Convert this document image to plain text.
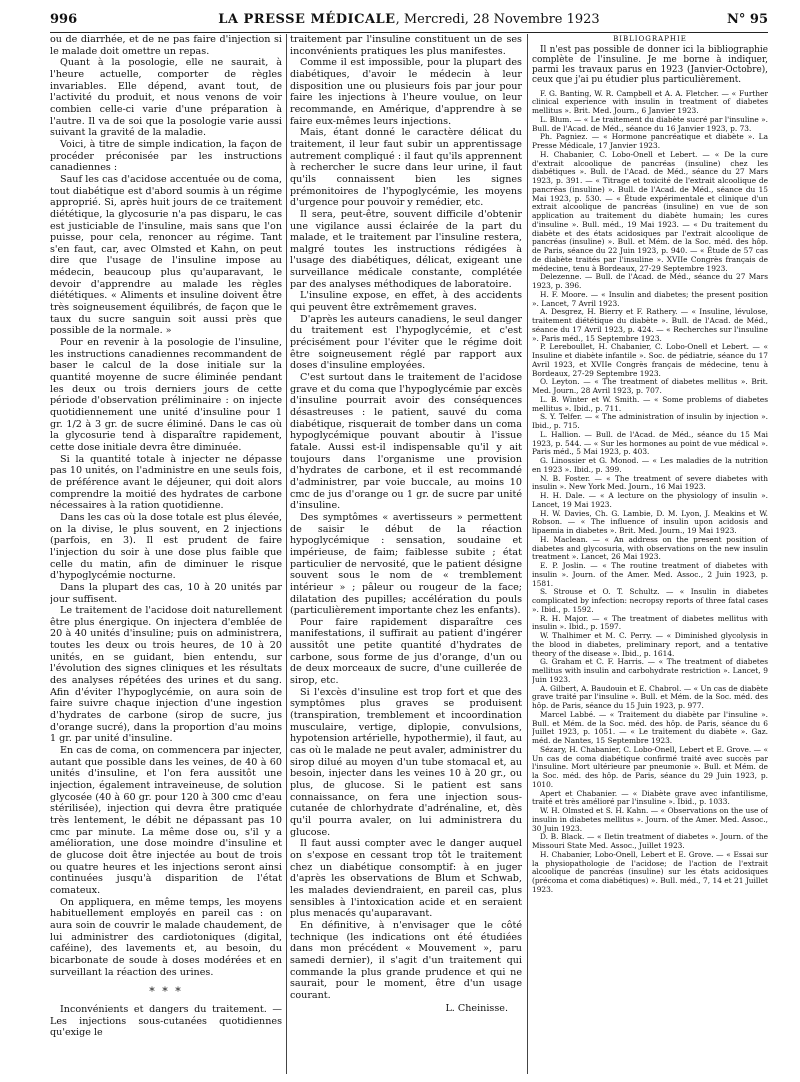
996	LA PRESSE MÉDICALE, Mercredi, 28 Novembre 1923	N° 95

ou de diarrhée, et de ne pas faire d'injection si le malade doit omettre un repas.

Quant à la posologie, elle ne saurait, à l'heure actuelle, comporter de règles invariables. Elle dépend, avant tout, de l'activité du produit, et nous venons de voir combien celle-ci varie d'une préparation à l'autre. Il va de soi que la posologie varie aussi suivant la gravité de la maladie.

Voici, à titre de simple indication, la façon de procéder préconisée par les instructions canadiennes :

Sauf les cas d'acidose accentuée ou de coma, tout diabétique est d'abord soumis à un régime approprié. Si, après huit jours de ce traitement diététique, la glycosurie n'a pas disparu, le cas est justiciable de l'insuline, mais sans que l'on puisse, pour cela, renoncer au régime. Tant s'en faut, car, avec Olmsted et Kahn, on peut dire que l'usage de l'insuline impose au médecin, beaucoup plus qu'auparavant, le devoir d'apprendre au malade les règles diététiques. « Aliments et insuline doivent être très soigneusement équilibrés, de façon que le taux du sucre sanguin soit aussi près que possible de la normale. »

Pour en revenir à la posologie de l'insuline, les instructions canadiennes recommandent de baser le calcul de la dose initiale sur la quantité moyenne de sucre éliminée pendant les deux ou trois derniers jours de cette période d'observation préliminaire : on injecte quotidiennement une unité d'insuline pour 1 gr. 1/2 à 3 gr. de sucre éliminé. Dans le cas où la glycosurie tend à disparaître rapidement, cette dose initiale devra être diminuée.

Si la quantité totale à injecter ne dépasse pas 10 unités, on l'administre en une seuls fois, de préférence avant le déjeuner, qui doit alors comprendre la moitié des hydrates de carbone nécessaires à la ration quotidienne.

Dans les cas où la dose totale est plus élevée, on la divise, le plus souvent, en 2 injections (parfois, en 3). Il est prudent de faire l'injection du soir à une dose plus faible que celle du matin, afin de diminuer le risque d'hypoglycémie nocturne.

Dans la plupart des cas, 10 à 20 unités par jour suffisent.

Le traitement de l'acidose doit naturellement être plus énergique. On injectera d'emblée de 20 à 40 unités d'insuline; puis on administrera, toutes les deux ou trois heures, de 10 à 20 unités, en se guidant, bien entendu, sur l'évolution des signes cliniques et les résultats des analyses répétées des urines et du sang. Afin d'éviter l'hypoglycémie, on aura soin de faire suivre chaque injection d'une ingestion d'hydrates de carbone (sirop de sucre, jus d'orange sucré), dans la proportion d'au moins 1 gr. par unité d'insuline.

En cas de coma, on commencera par injecter, autant que possible dans les veines, de 40 à 60 unités d'insuline, et l'on fera aussitôt une injection, également intraveineuse, de solution glycosée (40 à 60 gr. pour 120 à 300 cmc d'eau stérilisée), injection qui devra être pratiquée très lentement, le débit ne dépassant pas 10 cmc par minute. La même dose ou, s'il y a amélioration, une dose moindre d'insuline et de glucose doit être injectée au bout de trois ou quatre heures et les injections seront ainsi continuées jusqu'à disparition de l'état comateux.

On appliquera, en même temps, les moyens habituellement employés en pareil cas : on aura soin de couvrir le malade chaudement, de lui administrer des cardiotoniques (digital, caféine), des lavements et, au besoin, du bicarbonate de soude à doses modérées et en surveillant la réaction des urines.

* * *

Inconvénients et dangers du traitement. — Les injections sous-cutanées quotidiennes qu'exige le

traitement par l'insuline constituent un de ses inconvénients pratiques les plus manifestes.

Comme il est impossible, pour la plupart des diabétiques, d'avoir le médecin à leur disposition une ou plusieurs fois par jour pour faire les injections à l'heure voulue, on leur recommande, en Amérique, d'apprendre à se faire eux-mêmes leurs injections.

Mais, étant donné le caractère délicat du traitement, il leur faut subir un apprentissage autrement compliqué : il faut qu'ils apprennent à rechercher le sucre dans leur urine, il faut qu'ils connaissent bien les signes prémonitoires de l'hypoglycémie, les moyens d'urgence pour pouvoir y remédier, etc.

Il sera, peut-être, souvent difficile d'obtenir une vigilance aussi éclairée de la part du malade, et le traitement par l'insuline restera, malgré toutes les instructions rédigées à l'usage des diabétiques, délicat, exigeant une surveillance médicale constante, complétée par des analyses méthodiques de laboratoire.

L'insuline expose, en effet, à des accidents qui peuvent être extrêmement graves.

D'après les auteurs canadiens, le seul danger du traitement est l'hypoglycémie, et c'est précisément pour l'éviter que le régime doit être soigneusement réglé par rapport aux doses d'insuline employées.

C'est surtout dans le traitement de l'acidose grave et du coma que l'hypoglycémie par excès d'insuline pourrait avoir des conséquences désastreuses : le patient, sauvé du coma diabétique, risquerait de tomber dans un coma hypoglycémique pouvant aboutir à l'issue fatale. Aussi est-il indispensable qu'il y ait toujours dans l'organisme une provision d'hydrates de carbone, et il est recommandé d'administrer, par voie buccale, au moins 10 cmc de jus d'orange ou 1 gr. de sucre par unité d'insuline.

Des symptômes « avertisseurs » permettent de saisir le début de la réaction hypoglycémique : sensation, soudaine et impérieuse, de faim; faiblesse subite ; état particulier de nervosité, que le patient désigne souvent sous le nom de « tremblement intérieur » ; pâleur ou rougeur de la face; dilatation des pupilles; accélération du pouls (particulièrement importante chez les enfants).

Pour faire rapidement disparaître ces manifestations, il suffirait au patient d'ingérer aussitôt une petite quantité d'hydrates de carbone, sous forme de jus d'orange, d'un ou de deux morceaux de sucre, d'une cuillerée de sirop, etc.

Si l'excès d'insuline est trop fort et que des symptômes plus graves se produisent (transpiration, tremblement et incoordination musculaire, vertige, diplopie, convulsions, hypotension artérielle, hypothermie), il faut, au cas où le malade ne peut avaler, administrer du sirop dilué au moyen d'un tube stomacal et, au besoin, injecter dans les veines 10 à 20 gr., ou plus, de glucose. Si le patient est sans connaissance, on fera une injection sous-cutanée de chlorhydrate d'adrénaline, et, dès qu'il pourra avaler, on lui administrera du glucose.

Il faut aussi compter avec le danger auquel on s'expose en cessant trop tôt le traitement chez un diabétique consomptif: à en juger d'après les observations de Blum et Schwab, les malades deviendraient, en pareil cas, plus sensibles à l'intoxication acide et en seraient plus menacés qu'auparavant.

En définitive, à n'envisager que le côté technique (les indications ont été étudiées dans mon précédent « Mouvement », paru samedi dernier), il s'agit d'un traitement qui commande la plus grande prudence et qui ne saurait, pour le moment, être d'un usage courant.

L. Cheinisse.
BIBLIOGRAPHIE

Il n'est pas possible de donner ici la bibliographie complète de l'insuline. Je me borne à indiquer, parmi les travaux parus en 1923 (Janvier-Octobre), ceux que j'ai pu étudier plus particulièrement.

F. G. Banting, W. R. Campbell et A. A. Fletcher. — « Further clinical experience with insulin in treatment of diabetes mellitus ». Brit. Med. Journ., 6 Janvier 1923.

L. Blum. — « Le traitement du diabète sucré par l'insuline ». Bull. de l'Acad. de Méd., séance du 16 Janvier 1923, p. 73.

Ph. Pagniez. — « Hormone pancréatique et diabète ». La Presse Médicale, 17 Janvier 1923.

H. Chabanier, C. Lobo-Onell et Lebert. — « De la cure d'extrait alcoolique de pancréas (insuline) chez les diabétiques ». Bull. de l'Acad. de Méd., séance du 27 Mars 1923, p. 391. — « Titrage et toxicité de l'extrait alcoolique de pancréas (insuline) ». Bull. de l'Acad. de Méd., séance du 15 Mai 1923, p. 530. — « Étude expérimentale et clinique d'un extrait alcoolique de pancréas (insuline) en vue de son application au traitement du diabète humain; les cures d'insuline ». Bull. méd., 19 Mai 1923. — « Du traitement du diabète et des états acidosiques par l'extrait alcoolique de pancréas (insuline) ». Bull. et Mém. de la Soc. méd. des hôp. de Paris, séance du 22 Juin 1923, p. 940. — « Étude de 57 cas de diabète traités par l'insuline ». XVIIe Congrès français de médecine, tenu à Bordeaux, 27-29 Septembre 1923.

Delezenne. — Bull. de l'Acad. de Méd., séance du 27 Mars 1923, p. 396.

H. F. Moore. — « Insulin and diabetes; the present position ». Lancet, 7 Avril 1923.

A. Desgrez, H. Bierry et F. Rathery. — « Insuline, lévulose, traitement diététique du diabète ». Bull. de l'Acad. de Méd., séance du 17 Avril 1923, p. 424. — « Recherches sur l'insuline ». Paris méd., 15 Septembre 1923.

P. Lereboullet, H. Chabanier, C. Lobo-Onell et Lebert. — « Insuline et diabète infantile ». Soc. de pédiatrie, séance du 17 Avril 1923, et XVIIe Congrès français de médecine, tenu à Bordeaux, 27-29 Septembre 1923.

O. Leyton. — « The treatment of diabetes mellitus ». Brit. Med. Journ., 28 Avril 1923, p. 707.

L. B. Winter et W. Smith. — « Some problems of diabetes mellitus ». Ibid., p. 711.

S. Y. Telfer. — « The administration of insulin by injection ». Ibid., p. 715.

L. Hallion. — Bull. de l'Acad. de Méd., séance du 15 Mai 1923, p. 544. — « Sur les hormones au point de vue médical ». Paris méd., 5 Mai 1923, p. 403.

G. Linossier et G. Monod. — « Les maladies de la nutrition en 1923 ». Ibid., p. 399.

N. B. Foster. — « The treatment of severe diabetes with insulin ». New York Med. Journ., 16 Mai 1923.

H. H. Dale. — « A lecture on the physiology of insulin ». Lancet, 19 Mai 1923.

H. W. Davies, Ch. G. Lambie, D. M. Lyon, J. Meakins et W. Robson. — « The influence of insulin upon acidosis and lipaemia in diabetes ». Brit. Med. Journ., 19 Mai 1923.

H. Maclean. — « An address on the present position of diabetes and glycosuria, with observations on the new insulin treatment ». Lancet, 26 Mai 1923.

E. P. Joslin. — « The routine treatment of diabetes with insulin ». Journ. of the Amer. Med. Assoc., 2 Juin 1923, p. 1581.

S. Strouse et O. T. Schultz. — « Insulin in diabetes complicated by infection: necropsy reports of three fatal cases ». Ibid., p. 1592.

R. H. Major. — « The treatment of diabetes mellitus with insulin ». Ibid., p. 1597.

W. Thalhimer et M. C. Perry. — « Diminished glycolysis in the blood in diabetes, preliminary report, and a tentative theory of the disease ». Ibid., p. 1614.

G. Graham et C. F. Harris. — « The treatment of diabetes mellitus with insulin and carbohydrate restriction ». Lancet, 9 Juin 1923.

A. Gilbert, A. Baudouin et E. Chabrol. — « Un cas de diabète grave traité par l'insuline ». Bull. et Mém. de la Soc. méd. des hôp. de Paris, séance du 15 Juin 1923, p. 977.

Marcel Labbé. — « Traitement du diabète par l'insuline ». Bull. et Mém. de la Soc. méd. des hôp. de Paris, séance du 6 Juillet 1923, p. 1051. — « Le traitement du diabète ». Gaz. méd. de Nantes, 15 Septembre 1923.

Sézary, H. Chabanier, C. Lobo-Onell, Lebert et E. Grove. — « Un cas de coma diabétique confirmé traité avec succès par l'insuline. Mort ultérieure par pneumonie ». Bull. et Mém. de la Soc. méd. des hôp. de Paris, séance du 29 Juin 1923, p. 1010.

Apert et Chabanier. — « Diabète grave avec infantilisme, traité et très amélioré par l'insuline ». Ibid., p. 1033.

W. H. Olmsted et S. H. Kahn. — « Observations on the use of insulin in diabetes mellitus ». Journ. of the Amer. Med. Assoc., 30 Juin 1923.

D. B. Black. — « Iletin treatment of diabetes ». Journ. of the Missouri State Med. Assoc., Juillet 1923.

H. Chabanier, Lobo-Onell, Lebert et E. Grove. — « Essai sur la physiopathologie de l'acidose; de l'action de l'extrait alcoolique de pancréas (insuline) sur les états acidosiques (précoma et coma diabétiques) ». Bull. méd., 7, 14 et 21 Juillet 1923.
